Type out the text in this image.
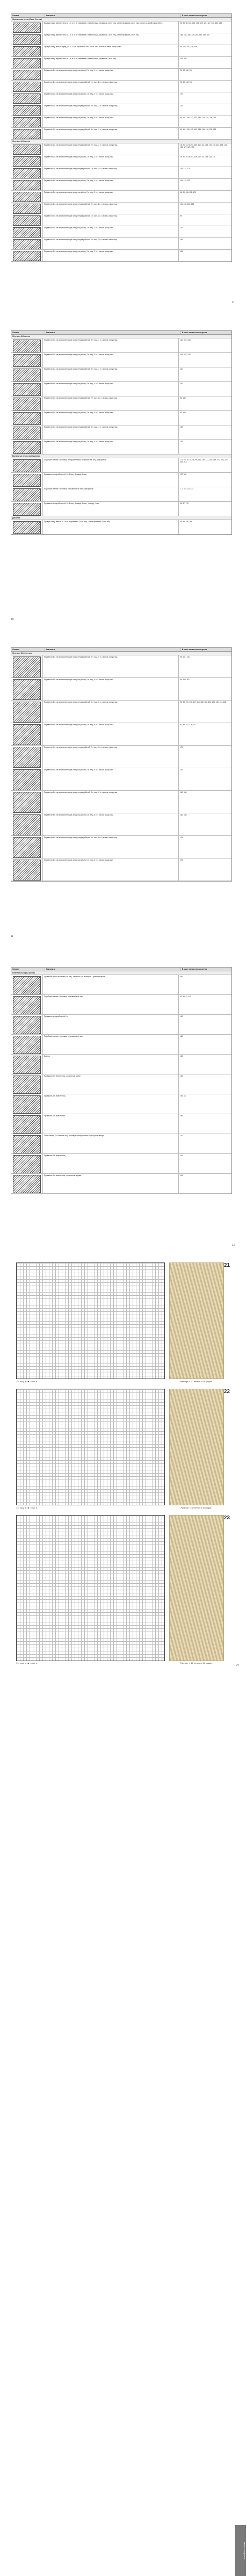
Символ	Как вязать	В каких схемах используется
Скрещенные петли (2 или 3 петли)
Правую спицу переместить за 1-ю п. и, не снимая ее с левой спицы, провязать 2-ю п. лиц., затем провязать 1-ю п. лиц. и снять с левой спицы обе п.	92, 95, 98, 101, 102, 106, 109, 121, 127, 133, 134, 140
Правую спицу переместить за 1-ю п. и, не снимая ее с левой спицы, провязать 2-ю п. лиц., затем провязать 1-ю п. лиц.	158, 162, 166, 175, 184, 185, 188, 189
Правую спицу ввести перед 1-й п., 2-ю п. провязать изн., 1-ю п. лиц. и снять с левой спицы обе п.	96, 105, 116, 138, 155
Правую спицу переместить за 1-ю п. и, не снимая ее с левой спицы, провязать 2-ю п. лиц.	176, 195
Перевести 1 п. на вспомогательную спицу за работу, 2 п. лиц., 1 п. с вспом. спицы лиц.	23, 93, 142, 196
Перевести 2 п. на вспомогательную спицу перед работой, 1 п. изн., 2 п. с вспом. спицы лиц.	23, 93, 142, 196
Перевести 2 п. на вспомогательную спицу за работу, 2 п. лиц., 2 п. с вспом. спицы лиц.	179
Перевести 2 п. на вспомогательную спицу перед работой, 2 п. лиц., 2 п. с вспом. спицы лиц.	179
Перевести 3 п. на вспомогательную спицу за работу, 3 п. лиц., 3 п. с вспом. спицы лиц.	95, 101, 105, 122, 133, 136, 143, 192, 209, 216
Перевести 3 п. на вспомогательную спицу перед работой, 3 п. лиц., 3 п. с вспом. спицы лиц.	95, 101, 105, 122, 133, 136, 143, 192, 209, 216
Жгуты из 4–5 петель
Перевести 2 п. на вспомогательную спицу перед работой, 2 п. лиц., 2 п. с вспом. спицы лиц.	19, 26, 34, 96, 97, 109, 110, 111, 114, 115, 116, 121, 123, 124, 125, 127, 129, 130
Перевести 2 п. на вспомогательную спицу за работу, 2 п. лиц., 2 п. с вспом. спицы лиц.	19, 26, 34, 96, 97, 109, 110, 111, 114, 115, 116
Перевести 2 п. на вспомогательную спицу перед работой, 1 п. изн., 2 п. с вспом. спицы лиц.	119, 121, 123
Перевести 1 п. на вспомогательную спицу за работу, 3 п. лиц., 1 п. с вспом. спицы изн.	119, 121, 123
Перевести 2 п. на вспомогательную спицу за работу, 2 п. лиц., 2 п. с вспом. спицы изн.	96, 99, 116, 118, 125
Перевести 2 п. на вспомогательную спицу перед работой, 2 п. изн., 2 п. с вспом. спицы лиц.	116, 118, 160, 162
Перевести 3 п. на вспомогательную спицу перед работой, 1 п. изн., 3 п. с вспом. спицы лиц.	99
Перевести 1 п. на вспомогательную спицу за работу, 3 п. лиц., 1 п. с вспом. спицы изн.	133
Перевести 3 п. на вспомогательную спицу перед работой, 2 п. изн., 3 п. с вспом. спицы лиц.	183
Перевести 2 п. на вспомогательную спицу за работу, 3 п. лиц., 2 п. с вспом. спицы изн.	183
9
Символ	Как вязать	В каких схемах используется
Жгуты из 6–8 петель
Перевести 3 п. на вспомогательную спицу перед работой, 3 п. лиц., 3 п. с вспом. спицы лиц.	102, 107, 133
Перевести 3 п. на вспомогательную спицу за работу, 3 п. лиц., 3 п. с вспом. спицы лиц.	102, 107, 133
Перевести 4 п. на вспомогательную спицу перед работой, 4 п. лиц., 4 п. с вспом. спицы лиц.	110
Перевести 4 п. на вспомогательную спицу за работу, 4 п. лиц., 4 п. с вспом. спицы лиц.	110
Перевести 3 п. на вспомогательную спицу перед работой, 2 п. изн., 3 п. с вспом. спицы лиц.	93, 140
Перевести 3 п. на вспомогательную спицу за работу, 3 п. лиц., 3 п. с вспом. спицы изн.	93, 140
Перевести 4 п. на вспомогательную спицу перед работой, 4 п. лиц., 4 п. с вспом. спицы лиц.	133
Перевести 4 п. на вспомогательную спицу за работу, 4 п. лиц., 4 п. с вспом. спицы лиц.	133
Вытянутые петли, прибавления
Подобрать петлю с протяжки между петлями и провязать ее лиц. скрещенной.	1, 6, 13, 18, 31, 38, 95, 131, 136, 143, 149, 165, 170, 193, 202, 207, 213
Провязать из одной петли 3 п.: 1 лиц., 1 накид, 1 лиц.	137, 181
Подобрать петлю с протяжки и провязать ее изн. скрещенной.	1, 7, 12, 122, 133
Провязать из одной петли 5 п.: 1 лиц., 1 накид, 1 лиц., 1 накид, 1 лиц.	35, 57, 175
Два слоя
Правую спицу ввести за 1-ю п. и провязать 2-ю п. лиц., затем провязать 1-ю п. лиц.	35, 59, 146, 205
10
Символ	Как вязать	В каких схемах используется
Жгуты из 10–16 петель
Перевести 5 п. на вспомогательную спицу перед работой, 5 п. лиц., 5 п. с вспом. спицы лиц.	95, 101, 143
Перевести 5 п. на вспомогательную спицу за работу, 5 п. лиц., 5 п. с вспом. спицы лиц.	95, 168, 182
Перевести 6 п. на вспомогательную спицу перед работой, 6 п. лиц., 6 п. с вспом. спицы лиц.	93, 98, 101, 116, 117, 118, 122, 123, 124, 125, 130, 134, 135
Перевести 6 п. на вспомогательную спицу за работу, 6 п. лиц., 6 п. с вспом. спицы лиц.	93, 98, 101, 116, 117
Перевести 4 п. на вспомогательную спицу перед работой, 2 п. изн., 4 п. с вспом. спицы лиц.	172
Перевести 4 п. на вспомогательную спицу за работу, 4 п. лиц., 4 п. с вспом. спицы изн.	119
Перевести 8 п. на вспомогательную спицу перед работой, 8 п. лиц., 8 п. с вспом. спицы лиц.	160, 186
Перевести 8 п. на вспомогательную спицу за работу, 8 п. лиц., 8 п. с вспом. спицы лиц.	160, 186
Перевести 6 п. на вспомогательную спицу перед работой, 4 п. изн., 6 п. с вспом. спицы лиц.	178
Перевести 6 п. на вспомогательную спицу за работу, 6 п. лиц., 6 п. с вспом. спицы изн.	178
11
Символ	Как вязать	В каких схемах используется
Платочные узоры, бусины
Провязать петли по схеме 9 п. лиц., затем из 9 п. вытянуть 1 длинную петлю.	206
Подобрать петлю с протяжки и провязать ее лиц.	92, 95, 97, 131
Провязать из одной петли 3 п.	162
Подобрать петлю с протяжки и провязать ее изн.	162
Бусина	163
Провязать 2 п. вместе лиц. с наклоном влево.	163
Провязать 3 п. вместе лиц.	109, 111
Провязать 2 п. вместе изн.	196
Снять петлю, 2 п. вместе лиц., протянуть снятую петлю через провязанную.	197
Провязать 5 п. вместе лиц.	119
Провязать 2 п. вместе лиц. с наклоном вправо.	143
12
Узоры со жгутами
21
□ = лиц. п.; ■ = изн. п.	Раппорт = 20 петель и 28 рядов
22
□ = лиц. п.; ■ = изн. п.	Раппорт = 32 петли и 16 рядов
23
□ = лиц. п.; ■ = изн. п.	Раппорт = 16 петель и 16 рядов
27
